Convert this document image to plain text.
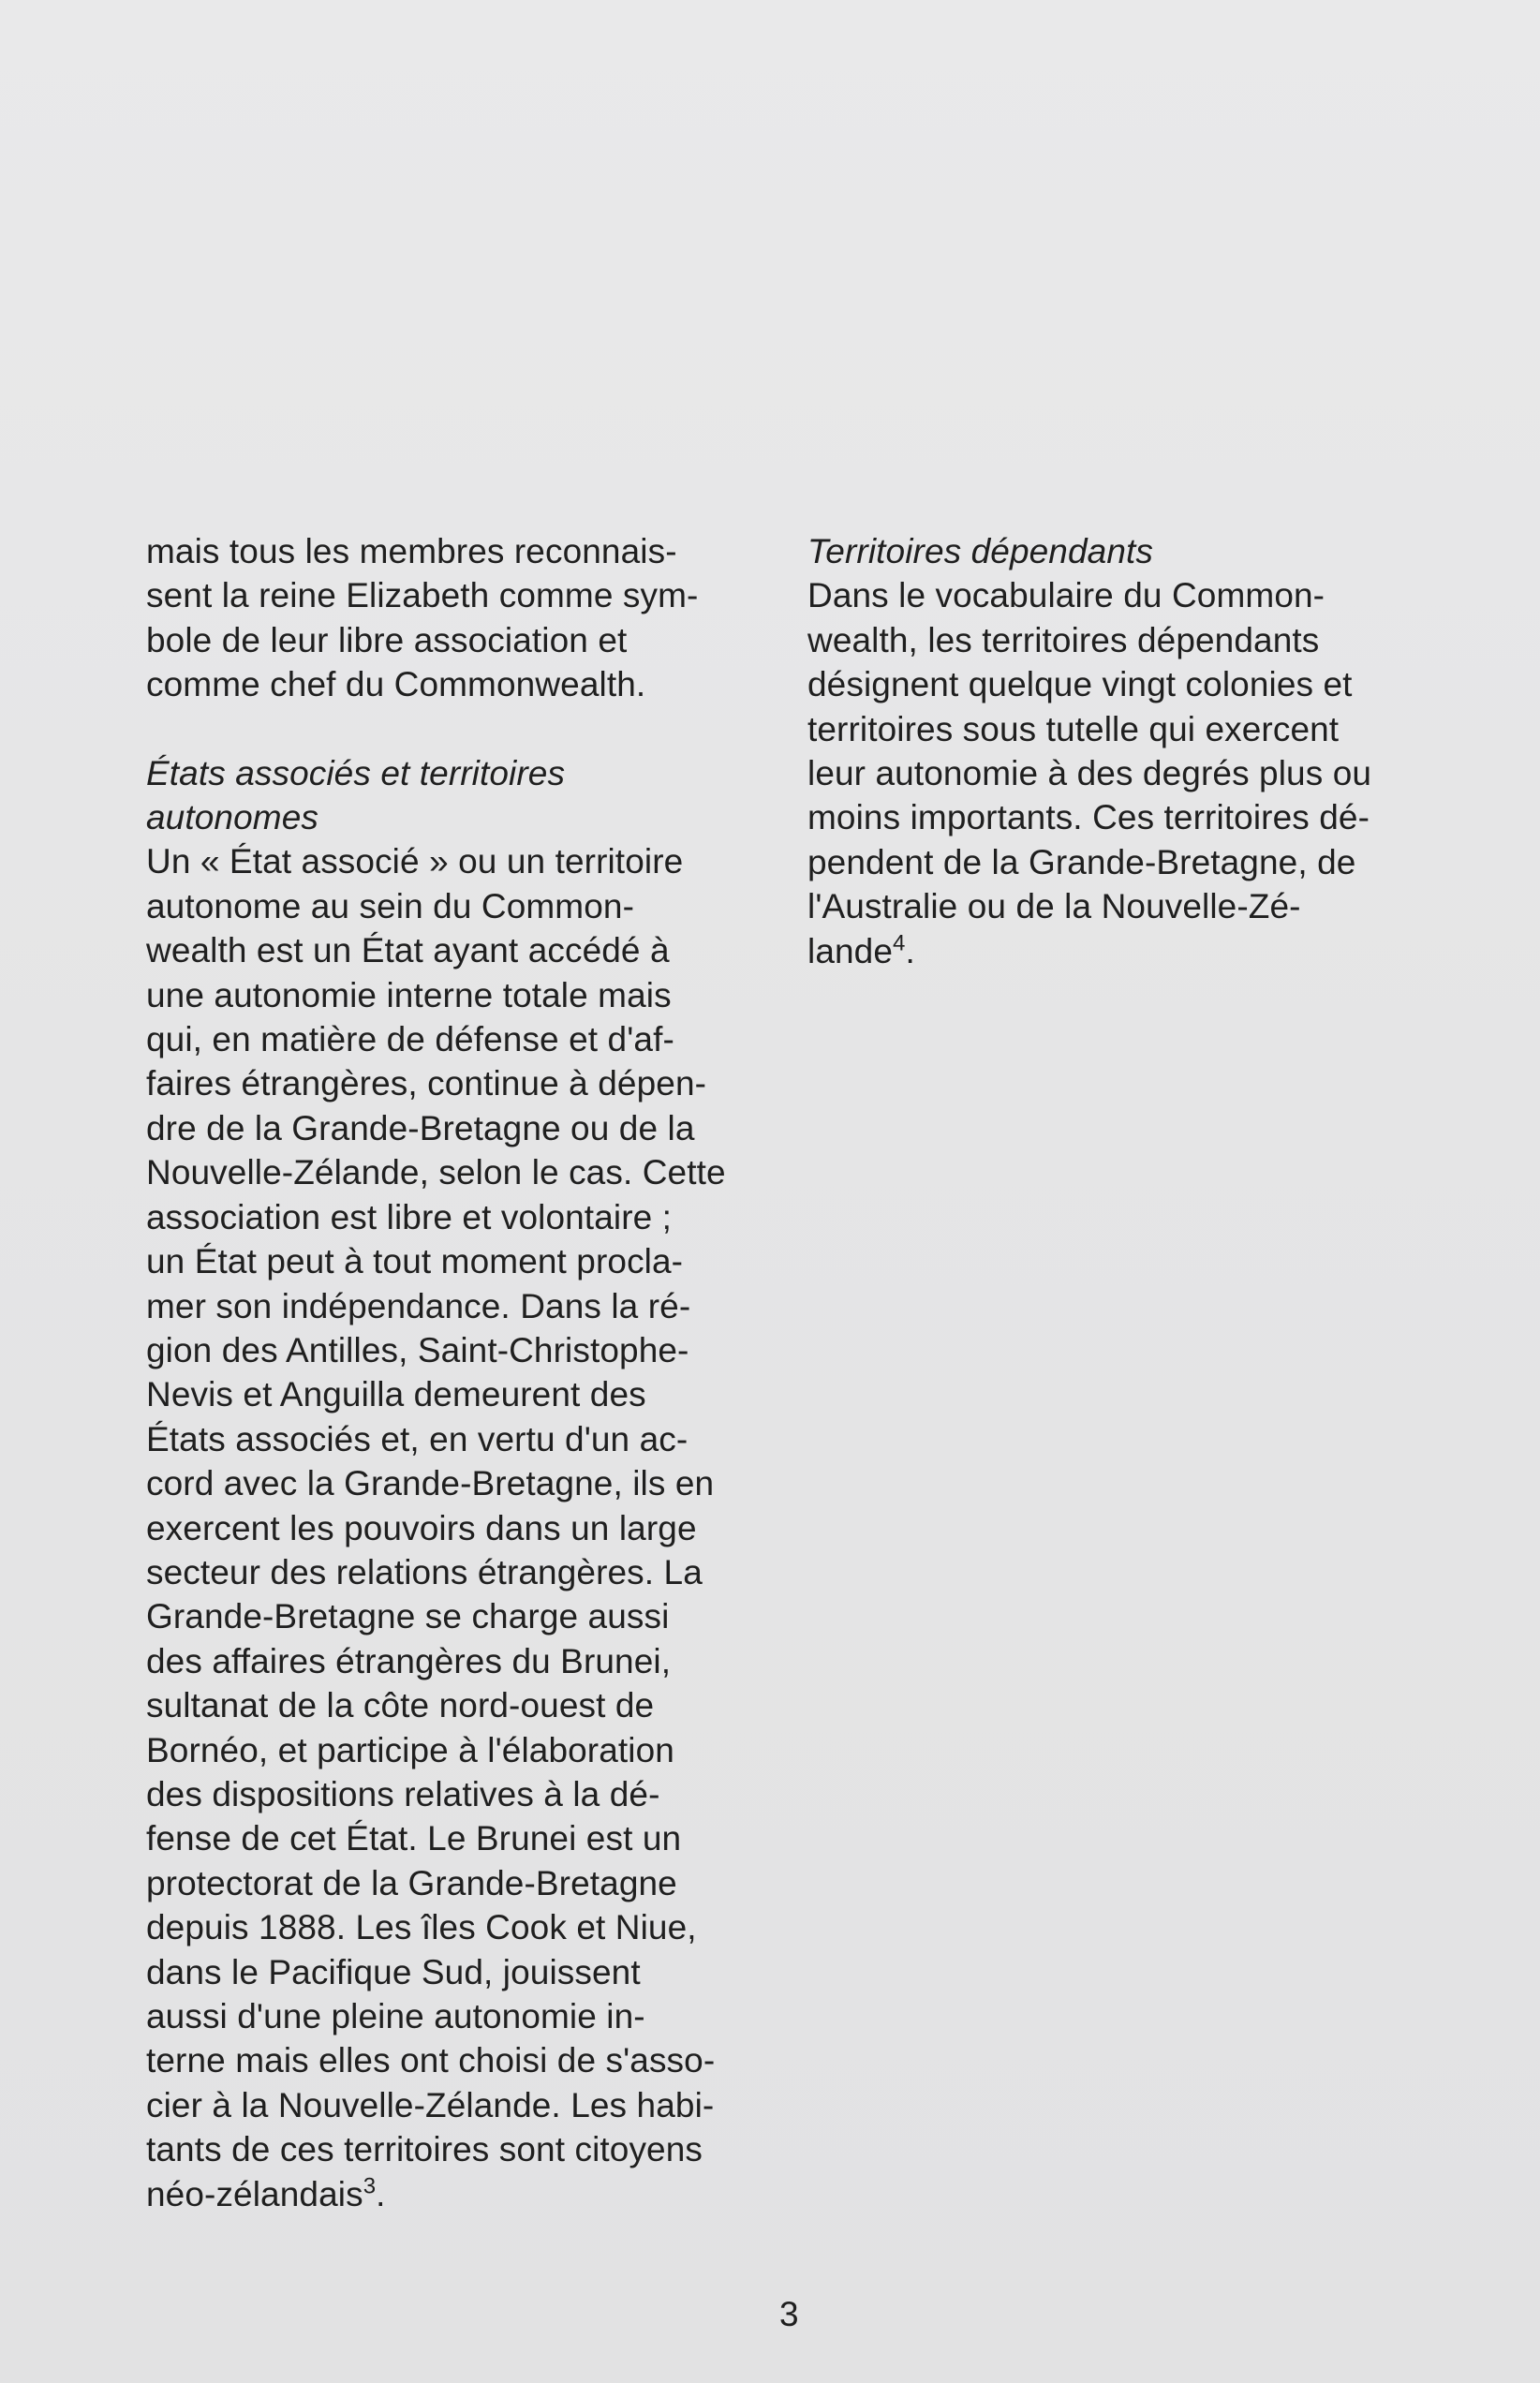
mais tous les membres reconnais-
sent la reine Elizabeth comme sym-
bole de leur libre association et
comme chef du Commonwealth.
États associés et territoires
autonomes
Un « État associé » ou un territoire
autonome au sein du Common-
wealth est un État ayant accédé à
une autonomie interne totale mais
qui, en matière de défense et d'af-
faires étrangères, continue à dépen-
dre de la Grande-Bretagne ou de la
Nouvelle-Zélande, selon le cas. Cette
association est libre et volontaire ;
un État peut à tout moment procla-
mer son indépendance. Dans la ré-
gion des Antilles, Saint-Christophe-
Nevis et Anguilla demeurent des
États associés et, en vertu d'un ac-
cord avec la Grande-Bretagne, ils en
exercent les pouvoirs dans un large
secteur des relations étrangères. La
Grande-Bretagne se charge aussi
des affaires étrangères du Brunei,
sultanat de la côte nord-ouest de
Bornéo, et participe à l'élaboration
des dispositions relatives à la dé-
fense de cet État. Le Brunei est un
protectorat de la Grande-Bretagne
depuis 1888. Les îles Cook et Niue,
dans le Pacifique Sud, jouissent
aussi d'une pleine autonomie in-
terne mais elles ont choisi de s'asso-
cier à la Nouvelle-Zélande. Les habi-
tants de ces territoires sont citoyens
néo-zélandais$^3$.
Territoires dépendants
Dans le vocabulaire du Common-
wealth, les territoires dépendants
désignent quelque vingt colonies et
territoires sous tutelle qui exercent
leur autonomie à des degrés plus ou
moins importants. Ces territoires dé-
pendent de la Grande-Bretagne, de
l'Australie ou de la Nouvelle-Zé-
lande$^4$.
3
